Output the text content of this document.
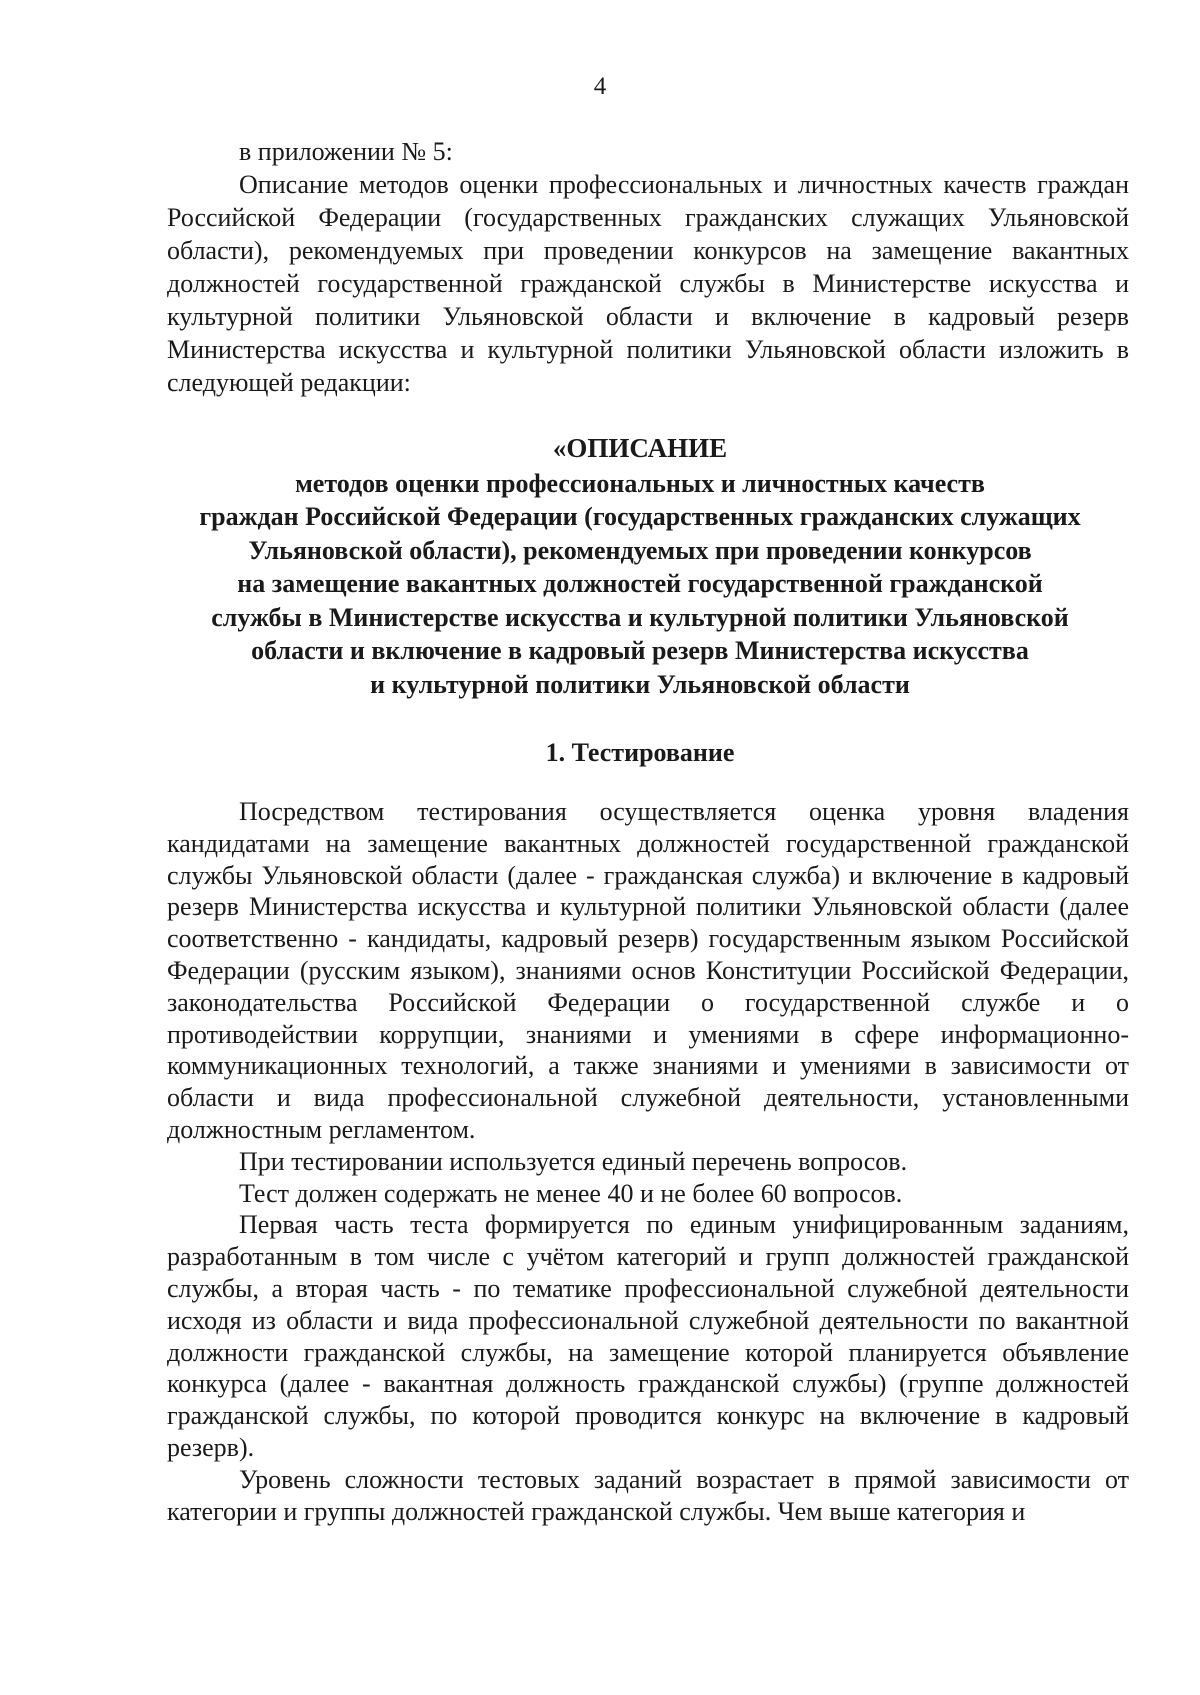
4

в приложении № 5:

Описание методов оценки профессиональных и личностных качеств граждан Российской Федерации (государственных гражданских служащих Ульяновской области), рекомендуемых при проведении конкурсов на замещение вакантных должностей государственной гражданской службы в Министерстве искусства и культурной политики Ульяновской области и включение в кадровый резерв Министерства искусства и культурной политики Ульяновской области изложить в следующей редакции:

«ОПИСАНИЕ
методов оценки профессиональных и личностных качеств
граждан Российской Федерации (государственных гражданских служащих
Ульяновской области), рекомендуемых при проведении конкурсов
на замещение вакантных должностей государственной гражданской
службы в Министерстве искусства и культурной политики Ульяновской
области и включение в кадровый резерв Министерства искусства
и культурной политики Ульяновской области
1. Тестирование

Посредством тестирования осуществляется оценка уровня владения кандидатами на замещение вакантных должностей государственной гражданской службы Ульяновской области (далее - гражданская служба) и включение в кадровый резерв Министерства искусства и культурной политики Ульяновской области (далее соответственно - кандидаты, кадровый резерв) государственным языком Российской Федерации (русским языком), знаниями основ Конституции Российской Федерации, законодательства Российской Федерации о государственной службе и о противодействии коррупции, знаниями и умениями в сфере информационно-коммуникационных технологий, а также знаниями и умениями в зависимости от области и вида профессиональной служебной деятельности, установленными должностным регламентом.

При тестировании используется единый перечень вопросов.

Тест должен содержать не менее 40 и не более 60 вопросов.

Первая часть теста формируется по единым унифицированным заданиям, разработанным в том числе с учётом категорий и групп должностей гражданской службы, а вторая часть - по тематике профессиональной служебной деятельности исходя из области и вида профессиональной служебной деятельности по вакантной должности гражданской службы, на замещение которой планируется объявление конкурса (далее - вакантная должность гражданской службы) (группе должностей гражданской службы, по которой проводится конкурс на включение в кадровый резерв).

Уровень сложности тестовых заданий возрастает в прямой зависимости от категории и группы должностей гражданской службы. Чем выше категория и
